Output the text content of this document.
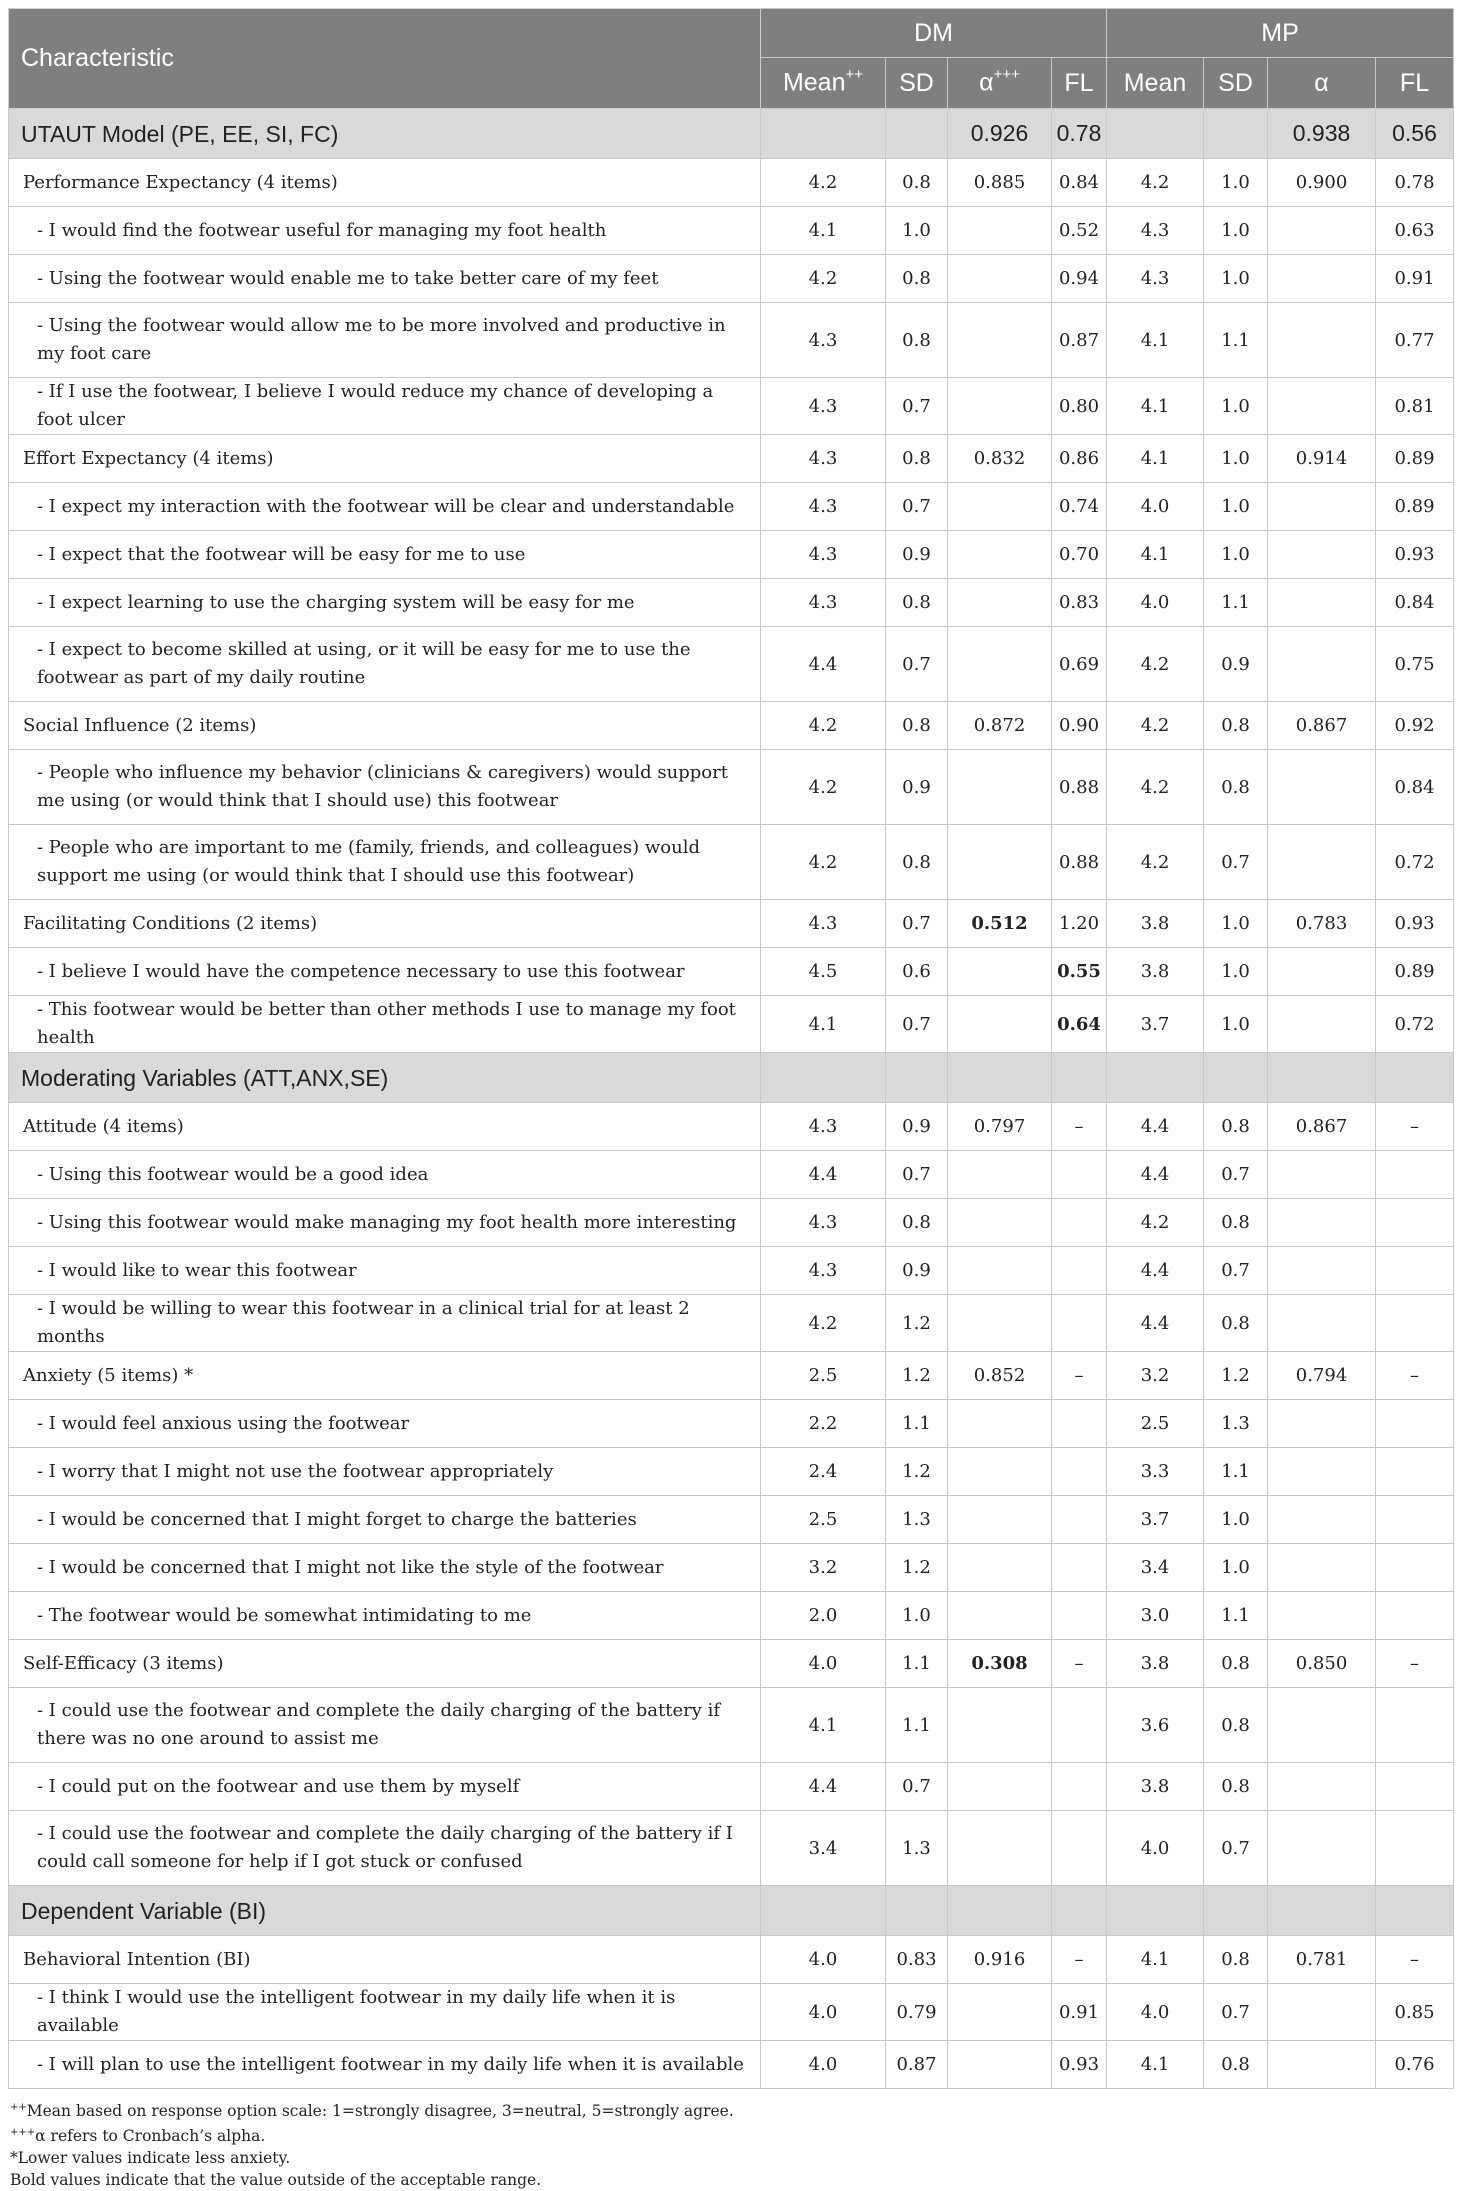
Characteristic	DM				MP			
	Mean++	SD	α+++	FL	Mean	SD	α	FL
UTAUT Model (PE, EE, SI, FC)			0.926	0.78			0.938	0.56
Performance Expectancy (4 items)	4.2	0.8	0.885	0.84	4.2	1.0	0.900	0.78
- I would find the footwear useful for managing my foot health	4.1	1.0		0.52	4.3	1.0		0.63
- Using the footwear would enable me to take better care of my feet	4.2	0.8		0.94	4.3	1.0		0.91
- Using the footwear would allow me to be more involved and productive in my foot care	4.3	0.8		0.87	4.1	1.1		0.77
- If I use the footwear, I believe I would reduce my chance of developing a foot ulcer	4.3	0.7		0.80	4.1	1.0		0.81
Effort Expectancy (4 items)	4.3	0.8	0.832	0.86	4.1	1.0	0.914	0.89
- I expect my interaction with the footwear will be clear and understandable	4.3	0.7		0.74	4.0	1.0		0.89
- I expect that the footwear will be easy for me to use	4.3	0.9		0.70	4.1	1.0		0.93
- I expect learning to use the charging system will be easy for me	4.3	0.8		0.83	4.0	1.1		0.84
- I expect to become skilled at using, or it will be easy for me to use the footwear as part of my daily routine	4.4	0.7		0.69	4.2	0.9		0.75
Social Influence (2 items)	4.2	0.8	0.872	0.90	4.2	0.8	0.867	0.92
- People who influence my behavior (clinicians & caregivers) would support me using (or would think that I should use) this footwear	4.2	0.9		0.88	4.2	0.8		0.84
- People who are important to me (family, friends, and colleagues) would support me using (or would think that I should use this footwear)	4.2	0.8		0.88	4.2	0.7		0.72
Facilitating Conditions (2 items)	4.3	0.7	0.512	1.20	3.8	1.0	0.783	0.93
- I believe I would have the competence necessary to use this footwear	4.5	0.6		0.55	3.8	1.0		0.89
- This footwear would be better than other methods I use to manage my foot health	4.1	0.7		0.64	3.7	1.0		0.72
Moderating Variables (ATT,ANX,SE)								
Attitude (4 items)	4.3	0.9	0.797	–	4.4	0.8	0.867	–
- Using this footwear would be a good idea	4.4	0.7			4.4	0.7		
- Using this footwear would make managing my foot health more interesting	4.3	0.8			4.2	0.8		
- I would like to wear this footwear	4.3	0.9			4.4	0.7		
- I would be willing to wear this footwear in a clinical trial for at least 2 months	4.2	1.2			4.4	0.8		
Anxiety (5 items) *	2.5	1.2	0.852	–	3.2	1.2	0.794	–
- I would feel anxious using the footwear	2.2	1.1			2.5	1.3		
- I worry that I might not use the footwear appropriately	2.4	1.2			3.3	1.1		
- I would be concerned that I might forget to charge the batteries	2.5	1.3			3.7	1.0		
- I would be concerned that I might not like the style of the footwear	3.2	1.2			3.4	1.0		
- The footwear would be somewhat intimidating to me	2.0	1.0			3.0	1.1		
Self-Efficacy (3 items)	4.0	1.1	0.308	–	3.8	0.8	0.850	–
- I could use the footwear and complete the daily charging of the battery if there was no one around to assist me	4.1	1.1			3.6	0.8		
- I could put on the footwear and use them by myself	4.4	0.7			3.8	0.8		
- I could use the footwear and complete the daily charging of the battery if I could call someone for help if I got stuck or confused	3.4	1.3			4.0	0.7		
Dependent Variable (BI)								
Behavioral Intention (BI)	4.0	0.83	0.916	–	4.1	0.8	0.781	–
- I think I would use the intelligent footwear in my daily life when it is available	4.0	0.79		0.91	4.0	0.7		0.85
- I will plan to use the intelligent footwear in my daily life when it is available	4.0	0.87		0.93	4.1	0.8		0.76
++Mean based on response option scale: 1=strongly disagree, 3=neutral, 5=strongly agree.
+++α refers to Cronbach’s alpha.
*Lower values indicate less anxiety.
Bold values indicate that the value outside of the acceptable range.
